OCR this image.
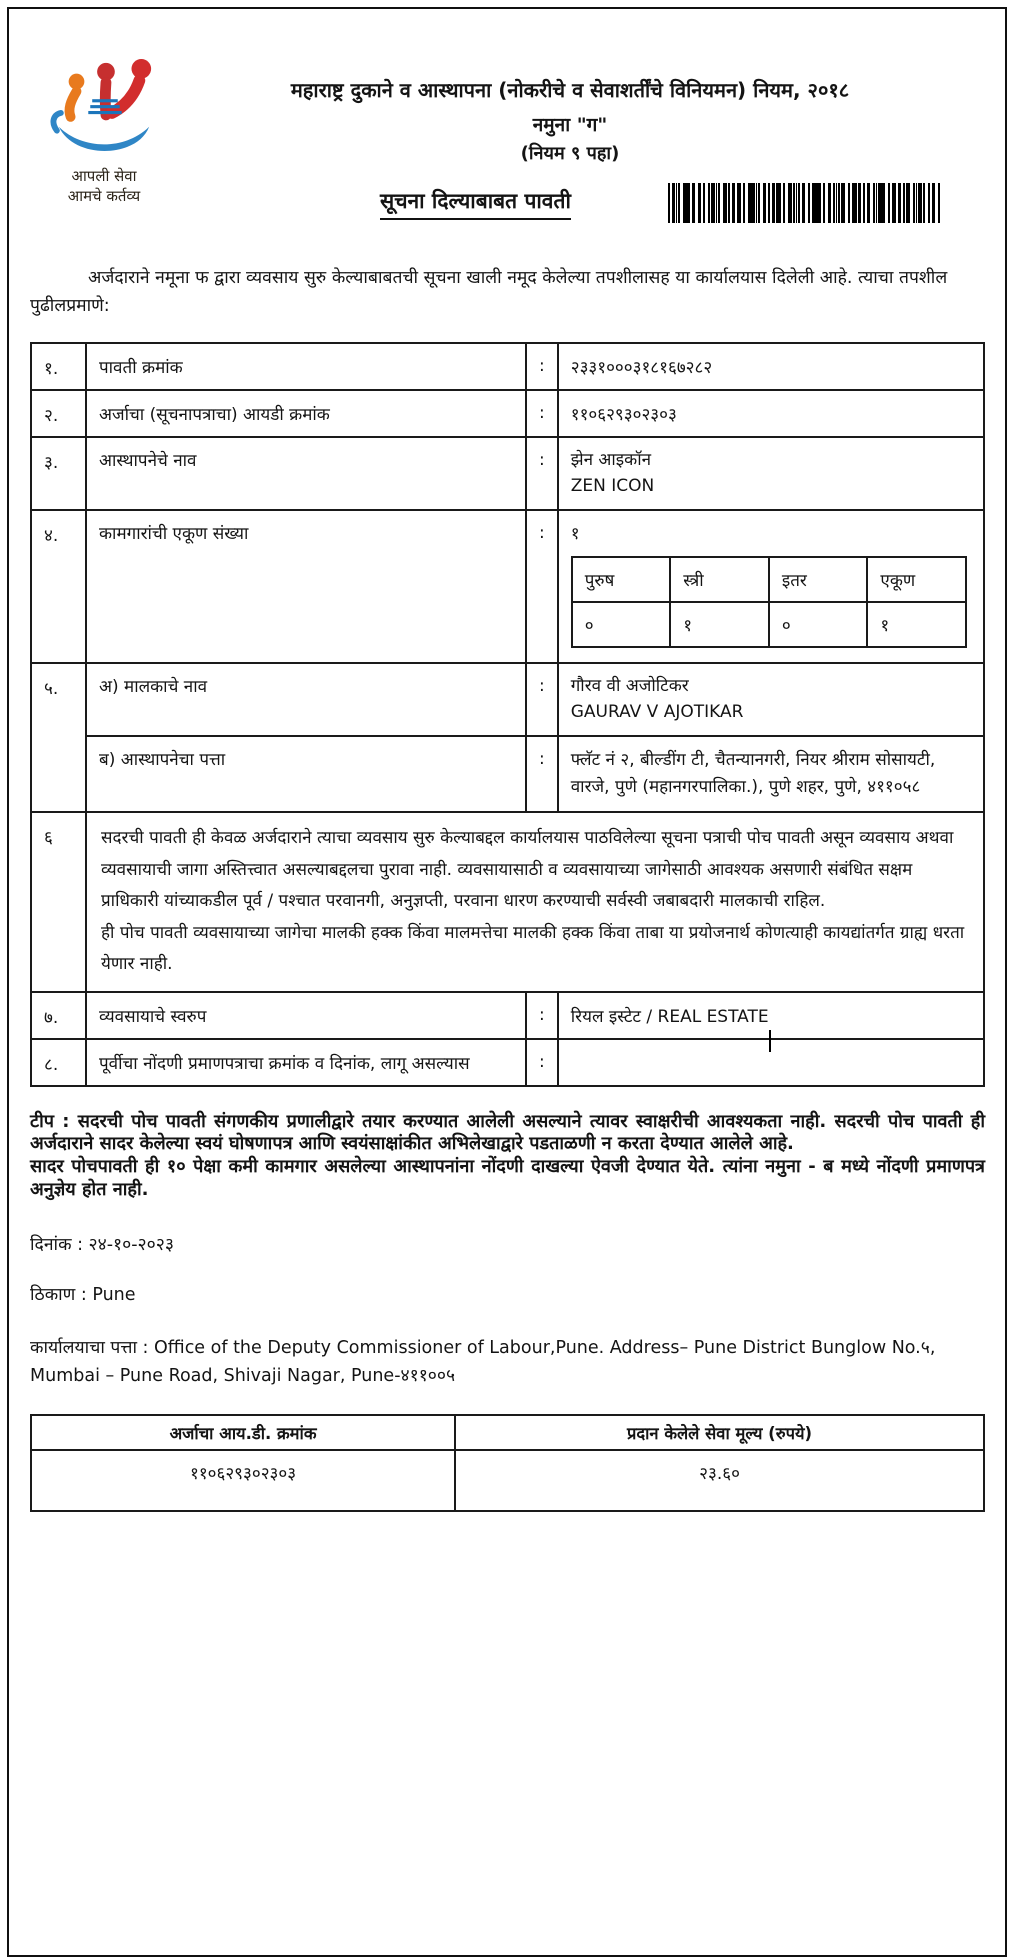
आपली सेवा
आमचे कर्तव्य
महाराष्ट्र दुकाने व आस्थापना (नोकरीचे व सेवाशर्तींचे विनियमन) नियम, २०१८
नमुना "ग"
(नियम ९ पहा)
सूचना दिल्याबाबत पावती

अर्जदाराने नमूना फ द्वारा व्यवसाय सुरु केल्याबाबतची सूचना खाली नमूद केलेल्या तपशीलासह या कार्यालयास दिलेली आहे. त्याचा तपशील पुढीलप्रमाणे:

१.	पावती क्रमांक	:	२३३१०००३१८१६७२८२
२.	अर्जाचा (सूचनापत्राचा) आयडी क्रमांक	:	११०६२९३०२३०३
३.	आस्थापनेचे नाव	:	झेन आइकॉन
ZEN ICON

४.	कामगारांची एकूण संख्या	:	१
पुरुष	स्त्री	इतर	एकूण
०	१	०	१

५.	अ) मालकाचे नाव	:	गौरव वी अजोटिकर
GAURAV V AJOTIKAR

ब) आस्थापनेचा पत्ता	:	फ्लॅट नं २, बील्डींग टी, चैतन्यानगरी, नियर श्रीराम सोसायटी, वारजे, पुणे (महानगरपालिका.), पुणे शहर, पुणे, ४११०५८
६	सदरची पावती ही केवळ अर्जदाराने त्याचा व्यवसाय सुरु केल्याबद्दल कार्यालयास पाठविलेल्या सूचना पत्राची पोच पावती असून व्यवसाय अथवा व्यवसायाची जागा अस्तित्त्वात असल्याबद्दलचा पुरावा नाही. व्यवसायासाठी व व्यवसायाच्या जागेसाठी आवश्यक असणारी संबंधित सक्षम प्राधिकारी यांच्याकडील पूर्व / पश्चात परवानगी, अनुज्ञप्ती, परवाना धारण करण्याची सर्वस्वी जबाबदारी मालकाची राहिल.
ही पोच पावती व्यवसायाच्या जागेचा मालकी हक्क किंवा मालमत्तेचा मालकी हक्क किंवा ताबा या प्रयोजनार्थ कोणत्याही कायद्यांतर्गत ग्राह्य धरता येणार नाही.

७.	व्यवसायाचे स्वरुप	:	रियल इस्टेट / REAL ESTATE
८.	पूर्वीचा नोंदणी प्रमाणपत्राचा क्रमांक व दिनांक, लागू असल्यास	:	
टीप : सदरची पोच पावती संगणकीय प्रणालीद्वारे तयार करण्यात आलेली असल्याने त्यावर स्वाक्षरीची आवश्यकता नाही. सदरची पोच पावती ही अर्जदाराने सादर केलेल्या स्वयं घोषणापत्र आणि स्वयंसाक्षांकीत अभिलेखाद्वारे पडताळणी न करता देण्यात आलेले आहे.
सादर पोचपावती ही १० पेक्षा कमी कामगार असलेल्या आस्थापनांना नोंदणी दाखल्या ऐवजी देण्यात येते. त्यांना नमुना - ब मध्ये नोंदणी प्रमाणपत्र अनुज्ञेय होत नाही.
दिनांक : २४-१०-२०२३
ठिकाण : Pune
कार्यालयाचा पत्ता : Office of the Deputy Commissioner of Labour,Pune. Address– Pune District Bunglow No.५, Mumbai – Pune Road, Shivaji Nagar, Pune-४११००५
अर्जाचा आय.डी. क्रमांक	प्रदान केलेले सेवा मूल्य (रुपये)
११०६२९३०२३०३	२३.६०
